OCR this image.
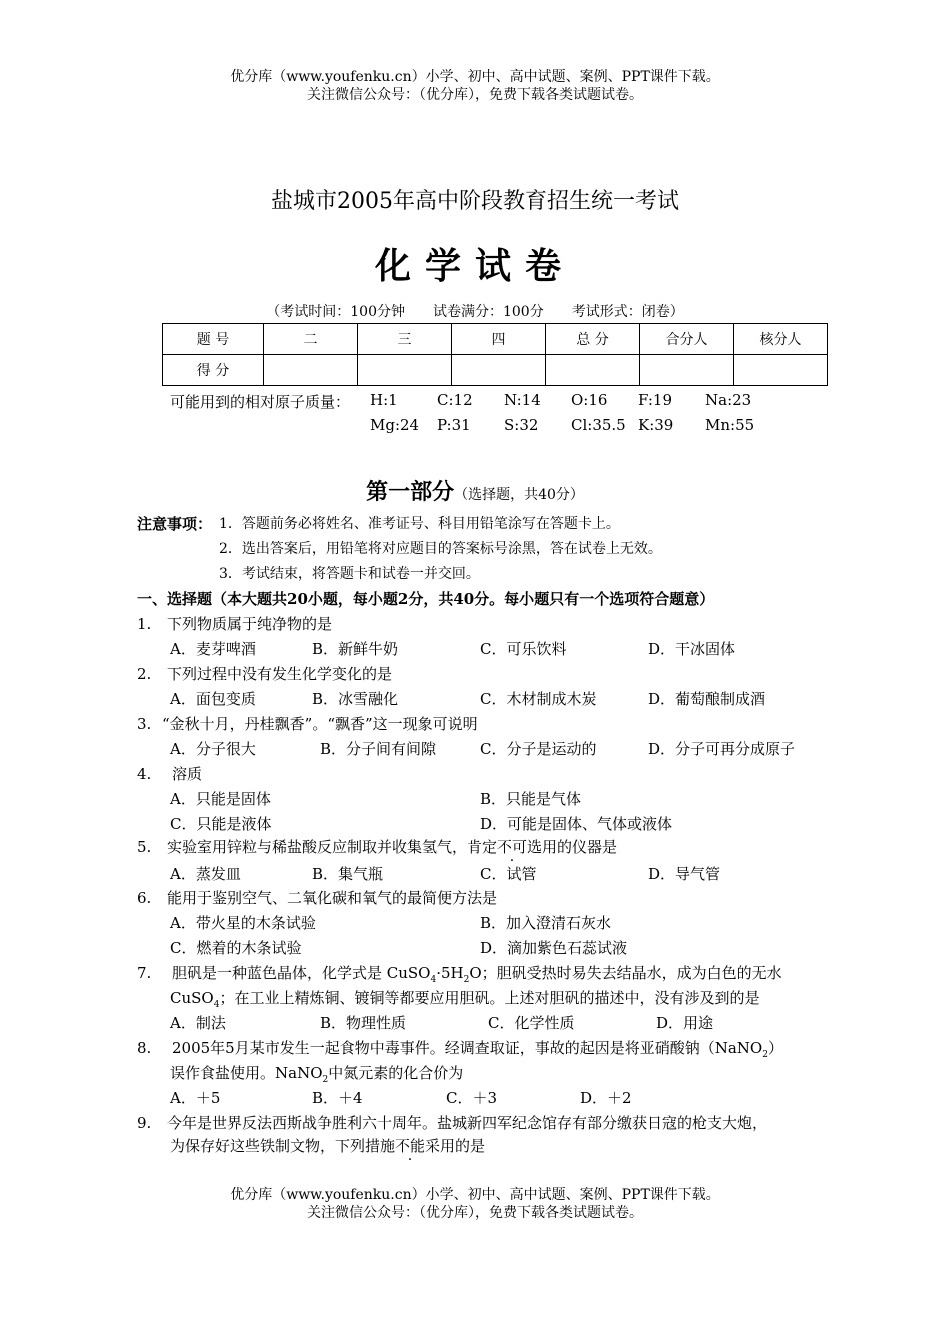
优分库（www.youfenku.cn）小学、初中、高中试题、案例、PPT课件下载。
关注微信公众号：（优分库），免费下载各类试题试卷。
盐城市2005年高中阶段教育招生统一考试
化学试卷
（考试时间：100分钟　　试卷满分：100分　　考试形式：闭卷）
题 号	二	三	四	总 分	合分人	核分人
得 分						
可能用到的相对原子质量： H:1	C:12 N:14 O:16 F:19 Na:23
Mg:24 P:31 S:32 Cl:35.5 K:39 Mn:55
第一部分（选择题，共40分）
注意事项： 1．答题前务必将姓名、准考证号、科目用铅笔涂写在答题卡上。
2．选出答案后，用铅笔将对应题目的答案标号涂黑，答在试卷上无效。
3．考试结束，将答题卡和试卷一并交回。
一、选择题（本大题共20小题，每小题2分，共40分。每小题只有一个选项符合题意）
1. 下列物质属于纯净物的是
A．麦芽啤酒	B．新鲜牛奶	C．可乐饮料	D．干冰固体
2. 下列过程中没有发生化学变化的是
A．面包变质	B．冰雪融化	C．木材制成木炭	D．葡萄酿制成酒
3. “金秋十月，丹桂飘香”。“飘香”这一现象可说明
A．分子很大	B．分子间有间隙	C．分子是运动的	D．分子可再分成原子
4. 溶质
A．只能是固体	B．只能是气体
C．只能是液体	D．可能是固体、气体或液体
5. 实验室用锌粒与稀盐酸反应制取并收集氢气，肯定不可选用的仪器是
A．蒸发皿	B．集气瓶	C．试管	D．导气管
6. 能用于鉴别空气、二氧化碳和氧气的最简便方法是
A．带火星的木条试验	B．加入澄清石灰水
C．燃着的木条试验	D．滴加紫色石蕊试液
7. 胆矾是一种蓝色晶体，化学式是 $CuSO_4\cdot 5H_2O$；胆矾受热时易失去结晶水，成为白色的无水
CuSO$_4$；在工业上精炼铜、镀铜等都要应用胆矾。上述对胆矾的描述中，没有涉及到的是
A．制法	B．物理性质	C．化学性质	D．用途
8. 2005年5月某市发生一起食物中毒事件。经调查取证，事故的起因是将亚硝酸钠（NaNO$_2$）
误作食盐使用。NaNO$_2$中氮元素的化合价为
A．＋5	B．＋4	C．＋3	D．＋2
9. 今年是世界反法西斯战争胜利六十周年。盐城新四军纪念馆存有部分缴获日寇的枪支大炮，
为保存好这些铁制文物，下列措施不能采用的是
优分库（www.youfenku.cn）小学、初中、高中试题、案例、PPT课件下载。
关注微信公众号：（优分库），免费下载各类试题试卷。
